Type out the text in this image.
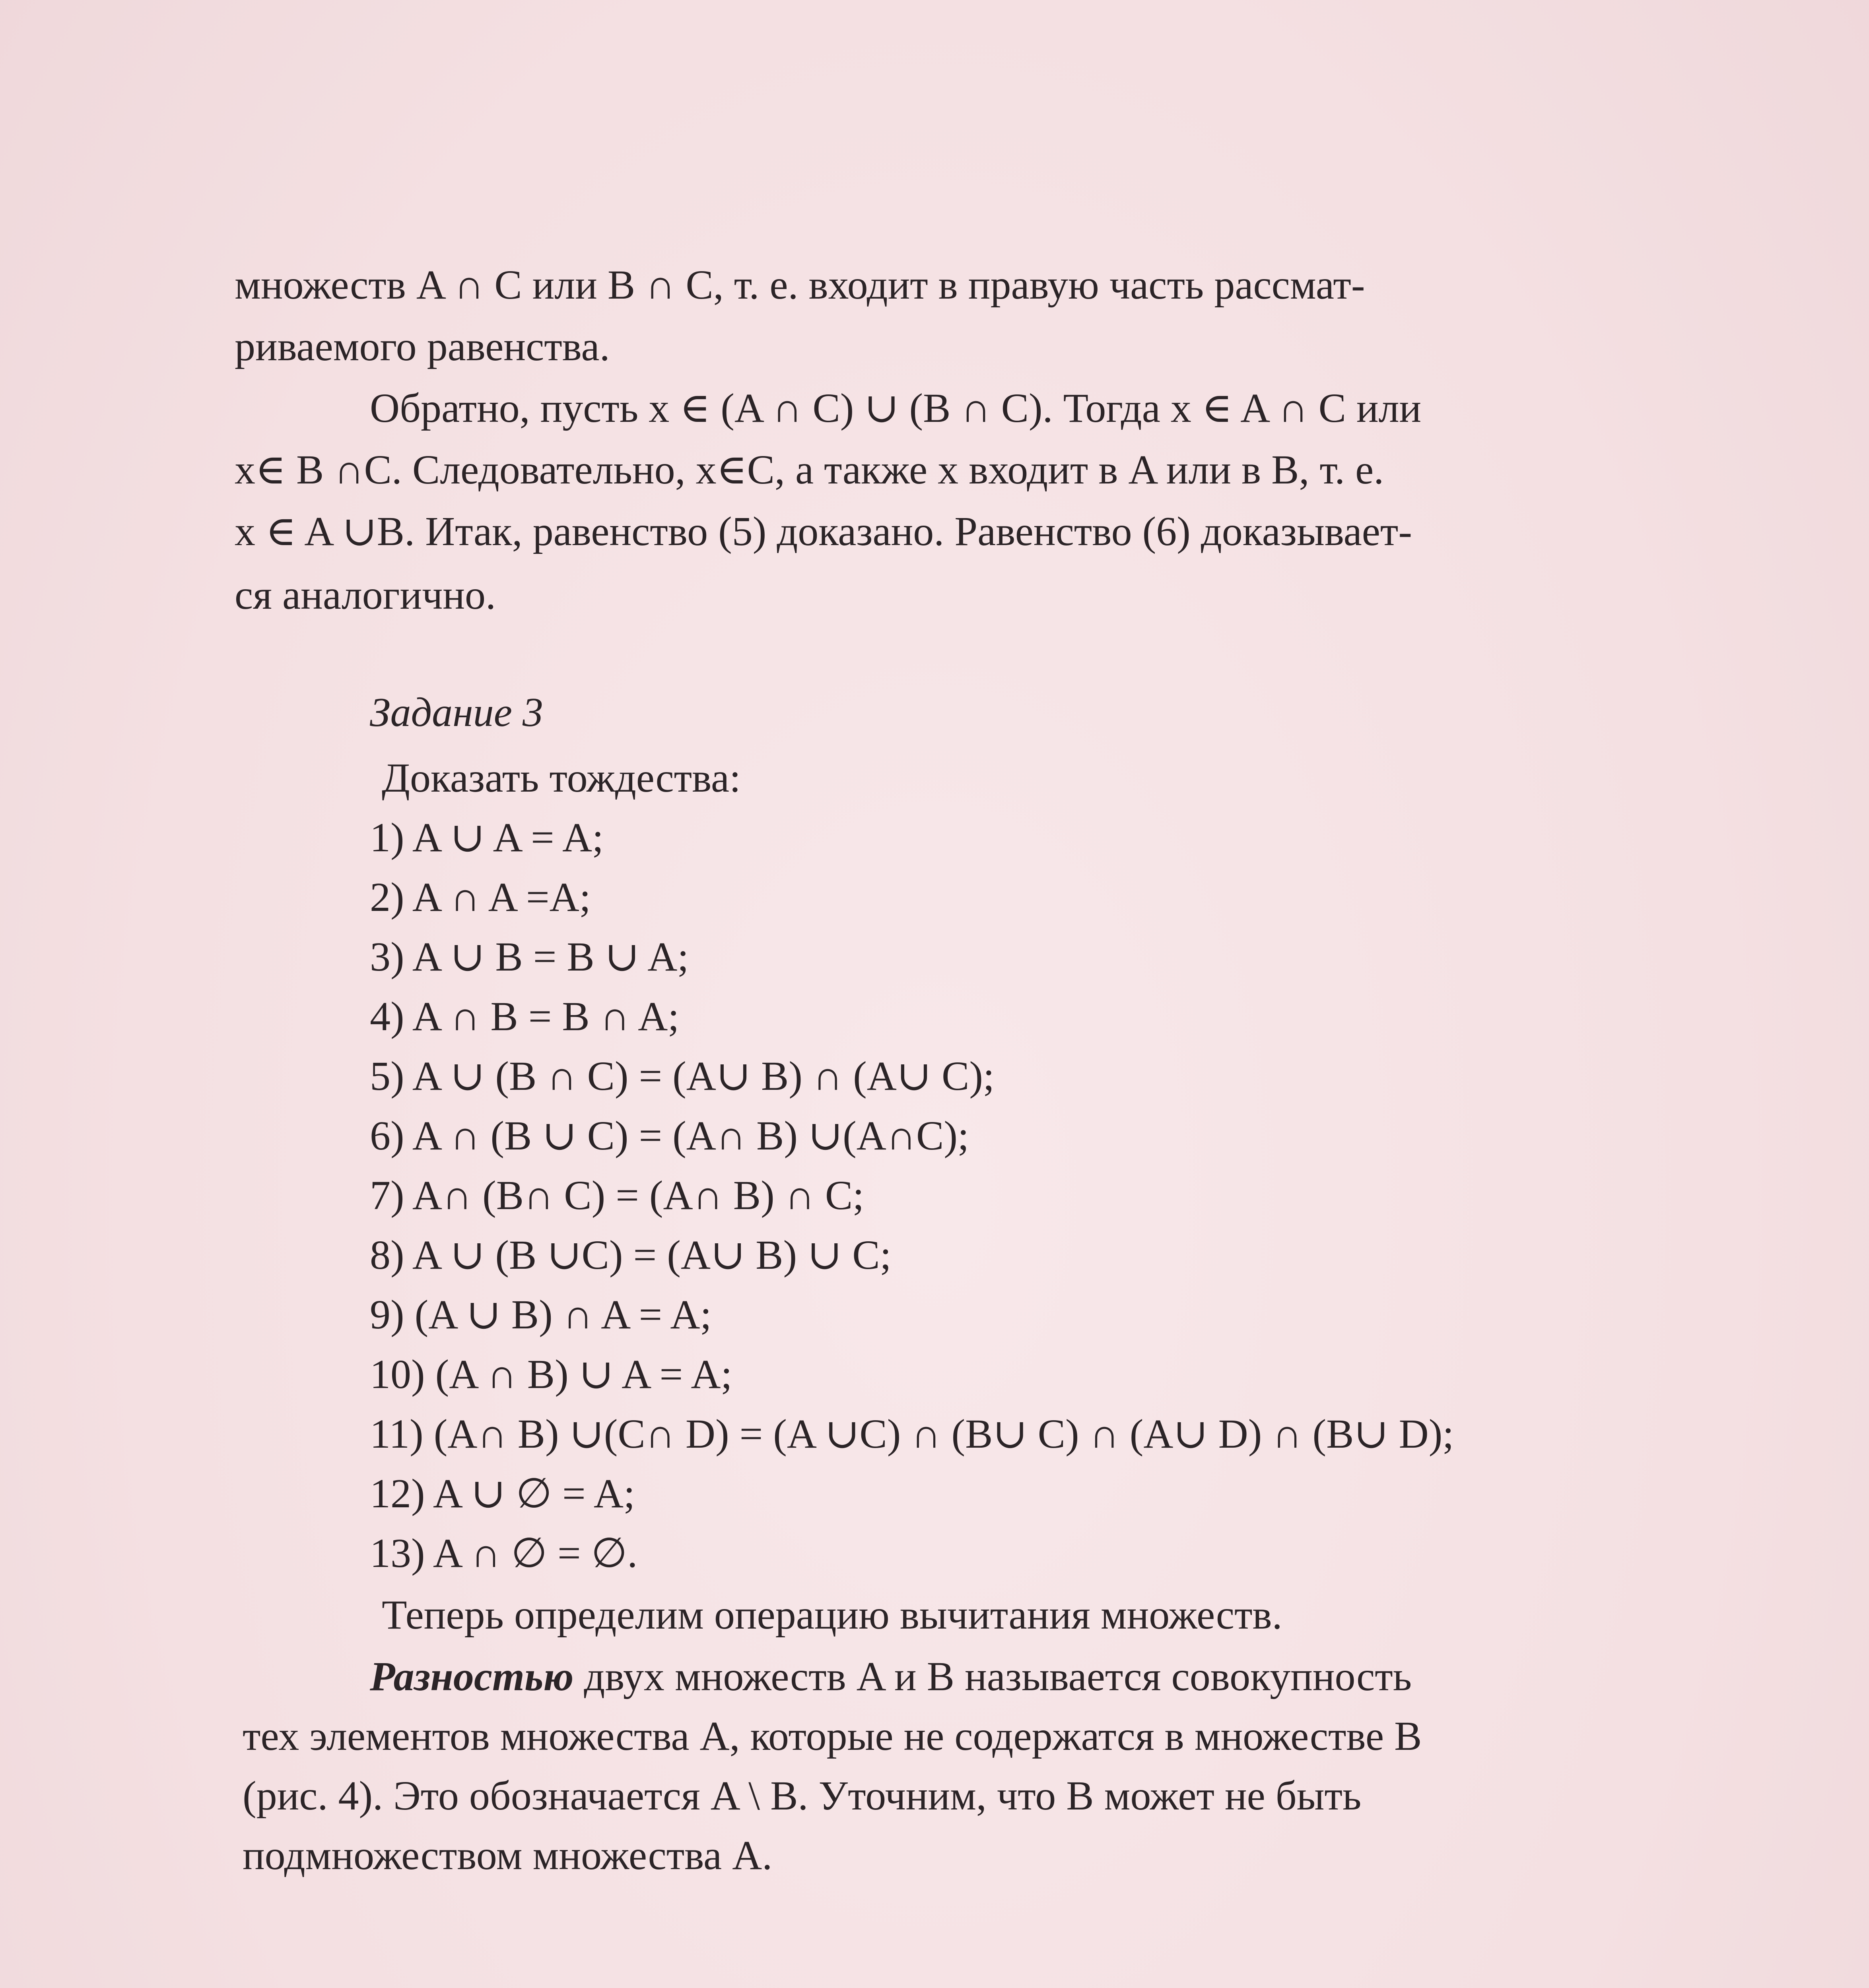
множеств A ∩ C или B ∩ C, т. е. входит в правую часть рассмат-
риваемого равенства.
Обратно, пусть x ∈ (A ∩ C) ∪ (B ∩ C). Тогда x ∈ A ∩ C или
x∈ B ∩C. Следовательно, x∈C, а также x входит в A или в B, т. е.
x ∈ A ∪B. Итак, равенство (5) доказано. Равенство (6) доказывает-
ся аналогично.
Задание 3
Доказать тождества:
1) A ∪ A = A;
2) A ∩ A =A;
3) A ∪ B = B ∪ A;
4) A ∩ B = B ∩ A;
5) A ∪ (B ∩ C) = (A∪ B) ∩ (A∪ C);
6) A ∩ (B ∪ C) = (A∩ B) ∪(A∩C);
7) A∩ (B∩ C) = (A∩ B) ∩ C;
8) A ∪ (B ∪C) = (A∪ B) ∪ C;
9) (A ∪ B) ∩ A = A;
10) (A ∩ B) ∪ A = A;
11) (A∩ B) ∪(C∩ D) = (A ∪C) ∩ (B∪ C) ∩ (A∪ D) ∩ (B∪ D);
12) A ∪ ∅ = A;
13) A ∩ ∅ = ∅.
Теперь определим операцию вычитания множеств.
Разностью двух множеств A и B называется совокупность
тех элементов множества A, которые не содержатся в множестве B
(рис. 4). Это обозначается A \ B. Уточним, что B может не быть
подмножеством множества A.
